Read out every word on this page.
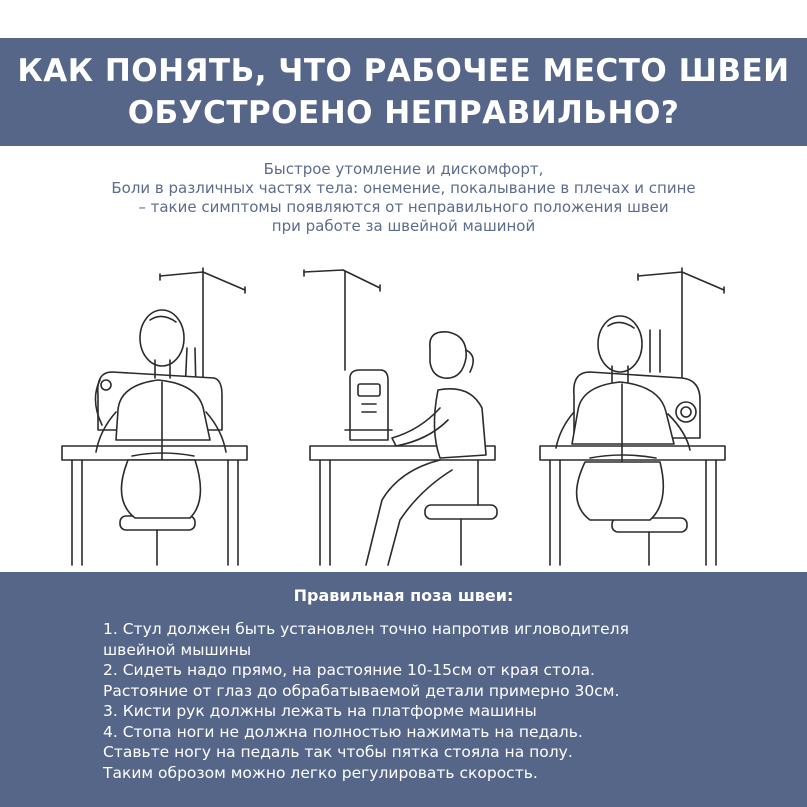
КАК ПОНЯТЬ, ЧТО РАБОЧЕЕ МЕСТО ШВЕИ
ОБУСТРОЕНО НЕПРАВИЛЬНО?
Быстрое утомление и дискомфорт,
Боли в различных частях тела: онемение, покалывание в плечах и спине
– такие симптомы появляются от неправильного положения швеи
при работе за швейной машиной
Правильная поза швеи:
1. Стул должен быть установлен точно напротив игловодителя
швейной мышины
2. Сидеть надо прямо, на растояние 10-15см от края стола.
Растояние от глаз до обрабатываемой детали примерно 30см.
3. Кисти рук должны лежать на платформе машины
4. Стопа ноги не должна полностью нажимать на педаль.
Ставьте ногу на педаль так чтобы пятка стояла на полу.
Таким оброзом можно легко регулировать скорость.
